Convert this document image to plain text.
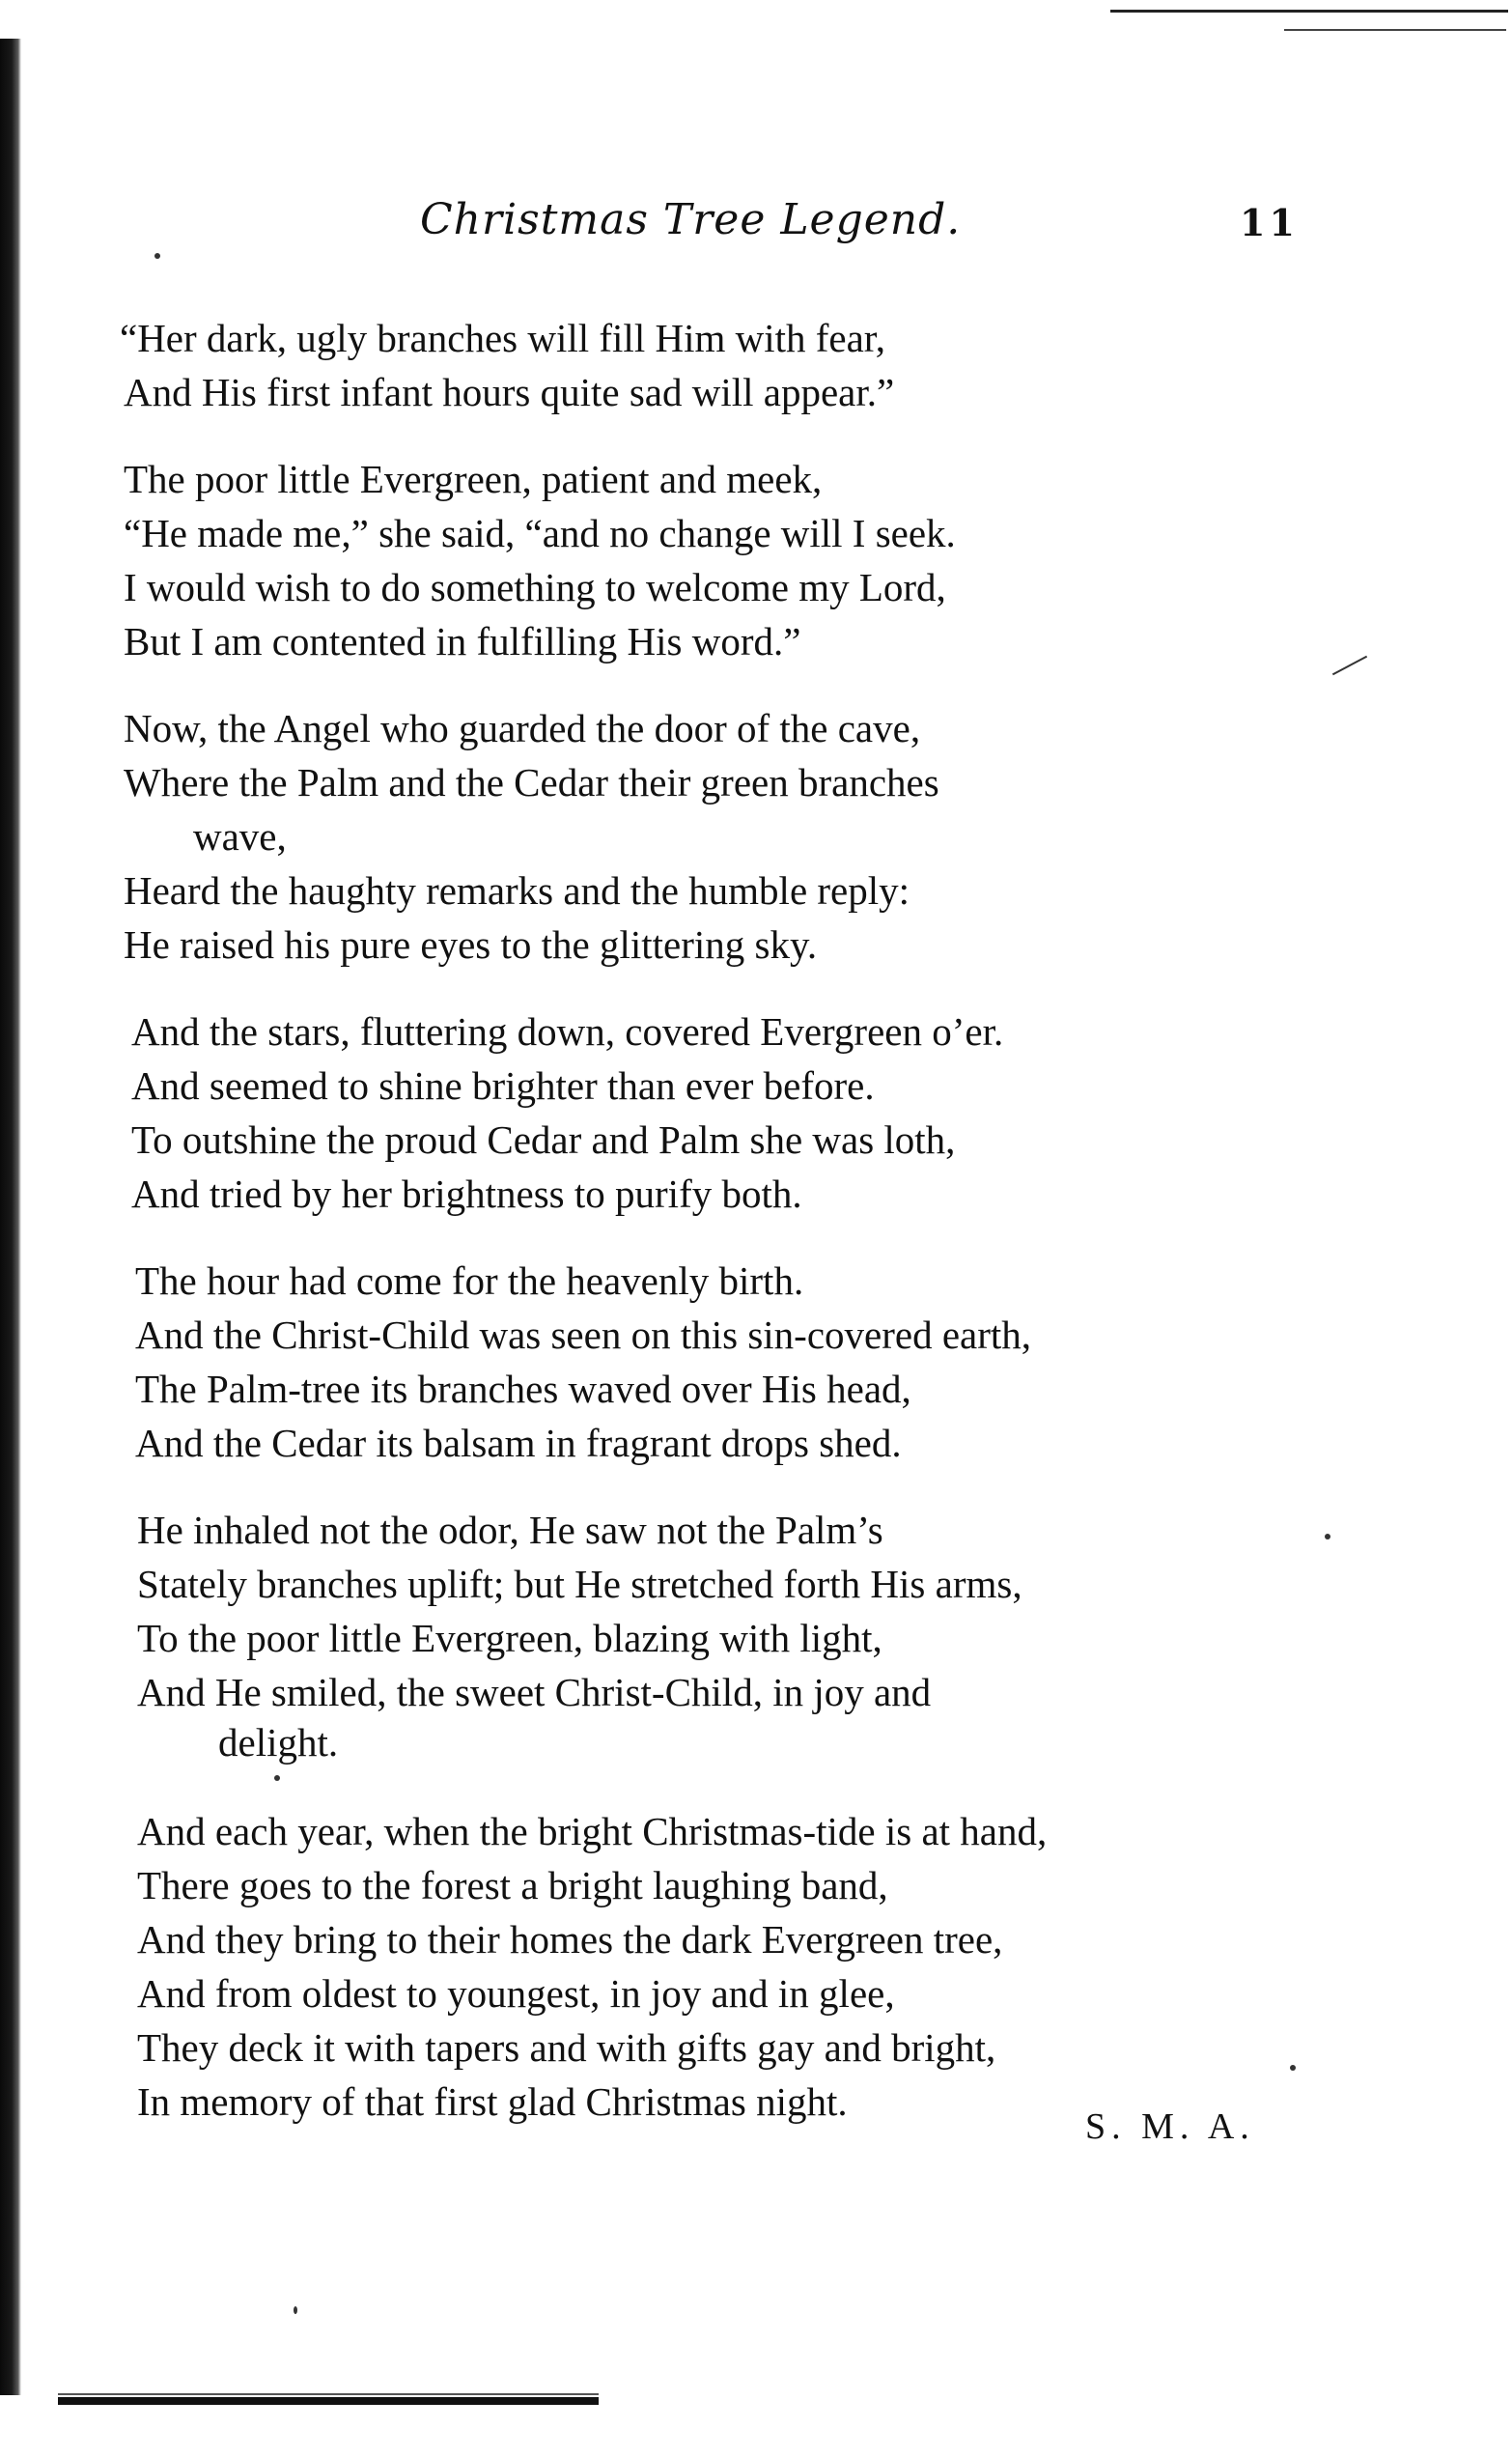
Christmas Tree Legend.	11
“Her dark, ugly branches will fill Him with fear,
And His first infant hours quite sad will appear.”
The poor little Evergreen, patient and meek,
“He made me,” she said, “and no change will I seek.
I would wish to do something to welcome my Lord,
But I am contented in fulfilling His word.”
Now, the Angel who guarded the door of the cave,
Where the Palm and the Cedar their green branches
wave,
Heard the haughty remarks and the humble reply:
He raised his pure eyes to the glittering sky.
And the stars, fluttering down, covered Evergreen o’er.
And seemed to shine brighter than ever before.
To outshine the proud Cedar and Palm she was loth,
And tried by her brightness to purify both.
The hour had come for the heavenly birth.
And the Christ-Child was seen on this sin-covered earth,
The Palm-tree its branches waved over His head,
And the Cedar its balsam in fragrant drops shed.
He inhaled not the odor, He saw not the Palm’s
Stately branches uplift; but He stretched forth His arms,
To the poor little Evergreen, blazing with light,
And He smiled, the sweet Christ-Child, in joy and
delight.
And each year, when the bright Christmas-tide is at hand,
There goes to the forest a bright laughing band,
And they bring to their homes the dark Evergreen tree,
And from oldest to youngest, in joy and in glee,
They deck it with tapers and with gifts gay and bright,
In memory of that first glad Christmas night.
S. M. A.
